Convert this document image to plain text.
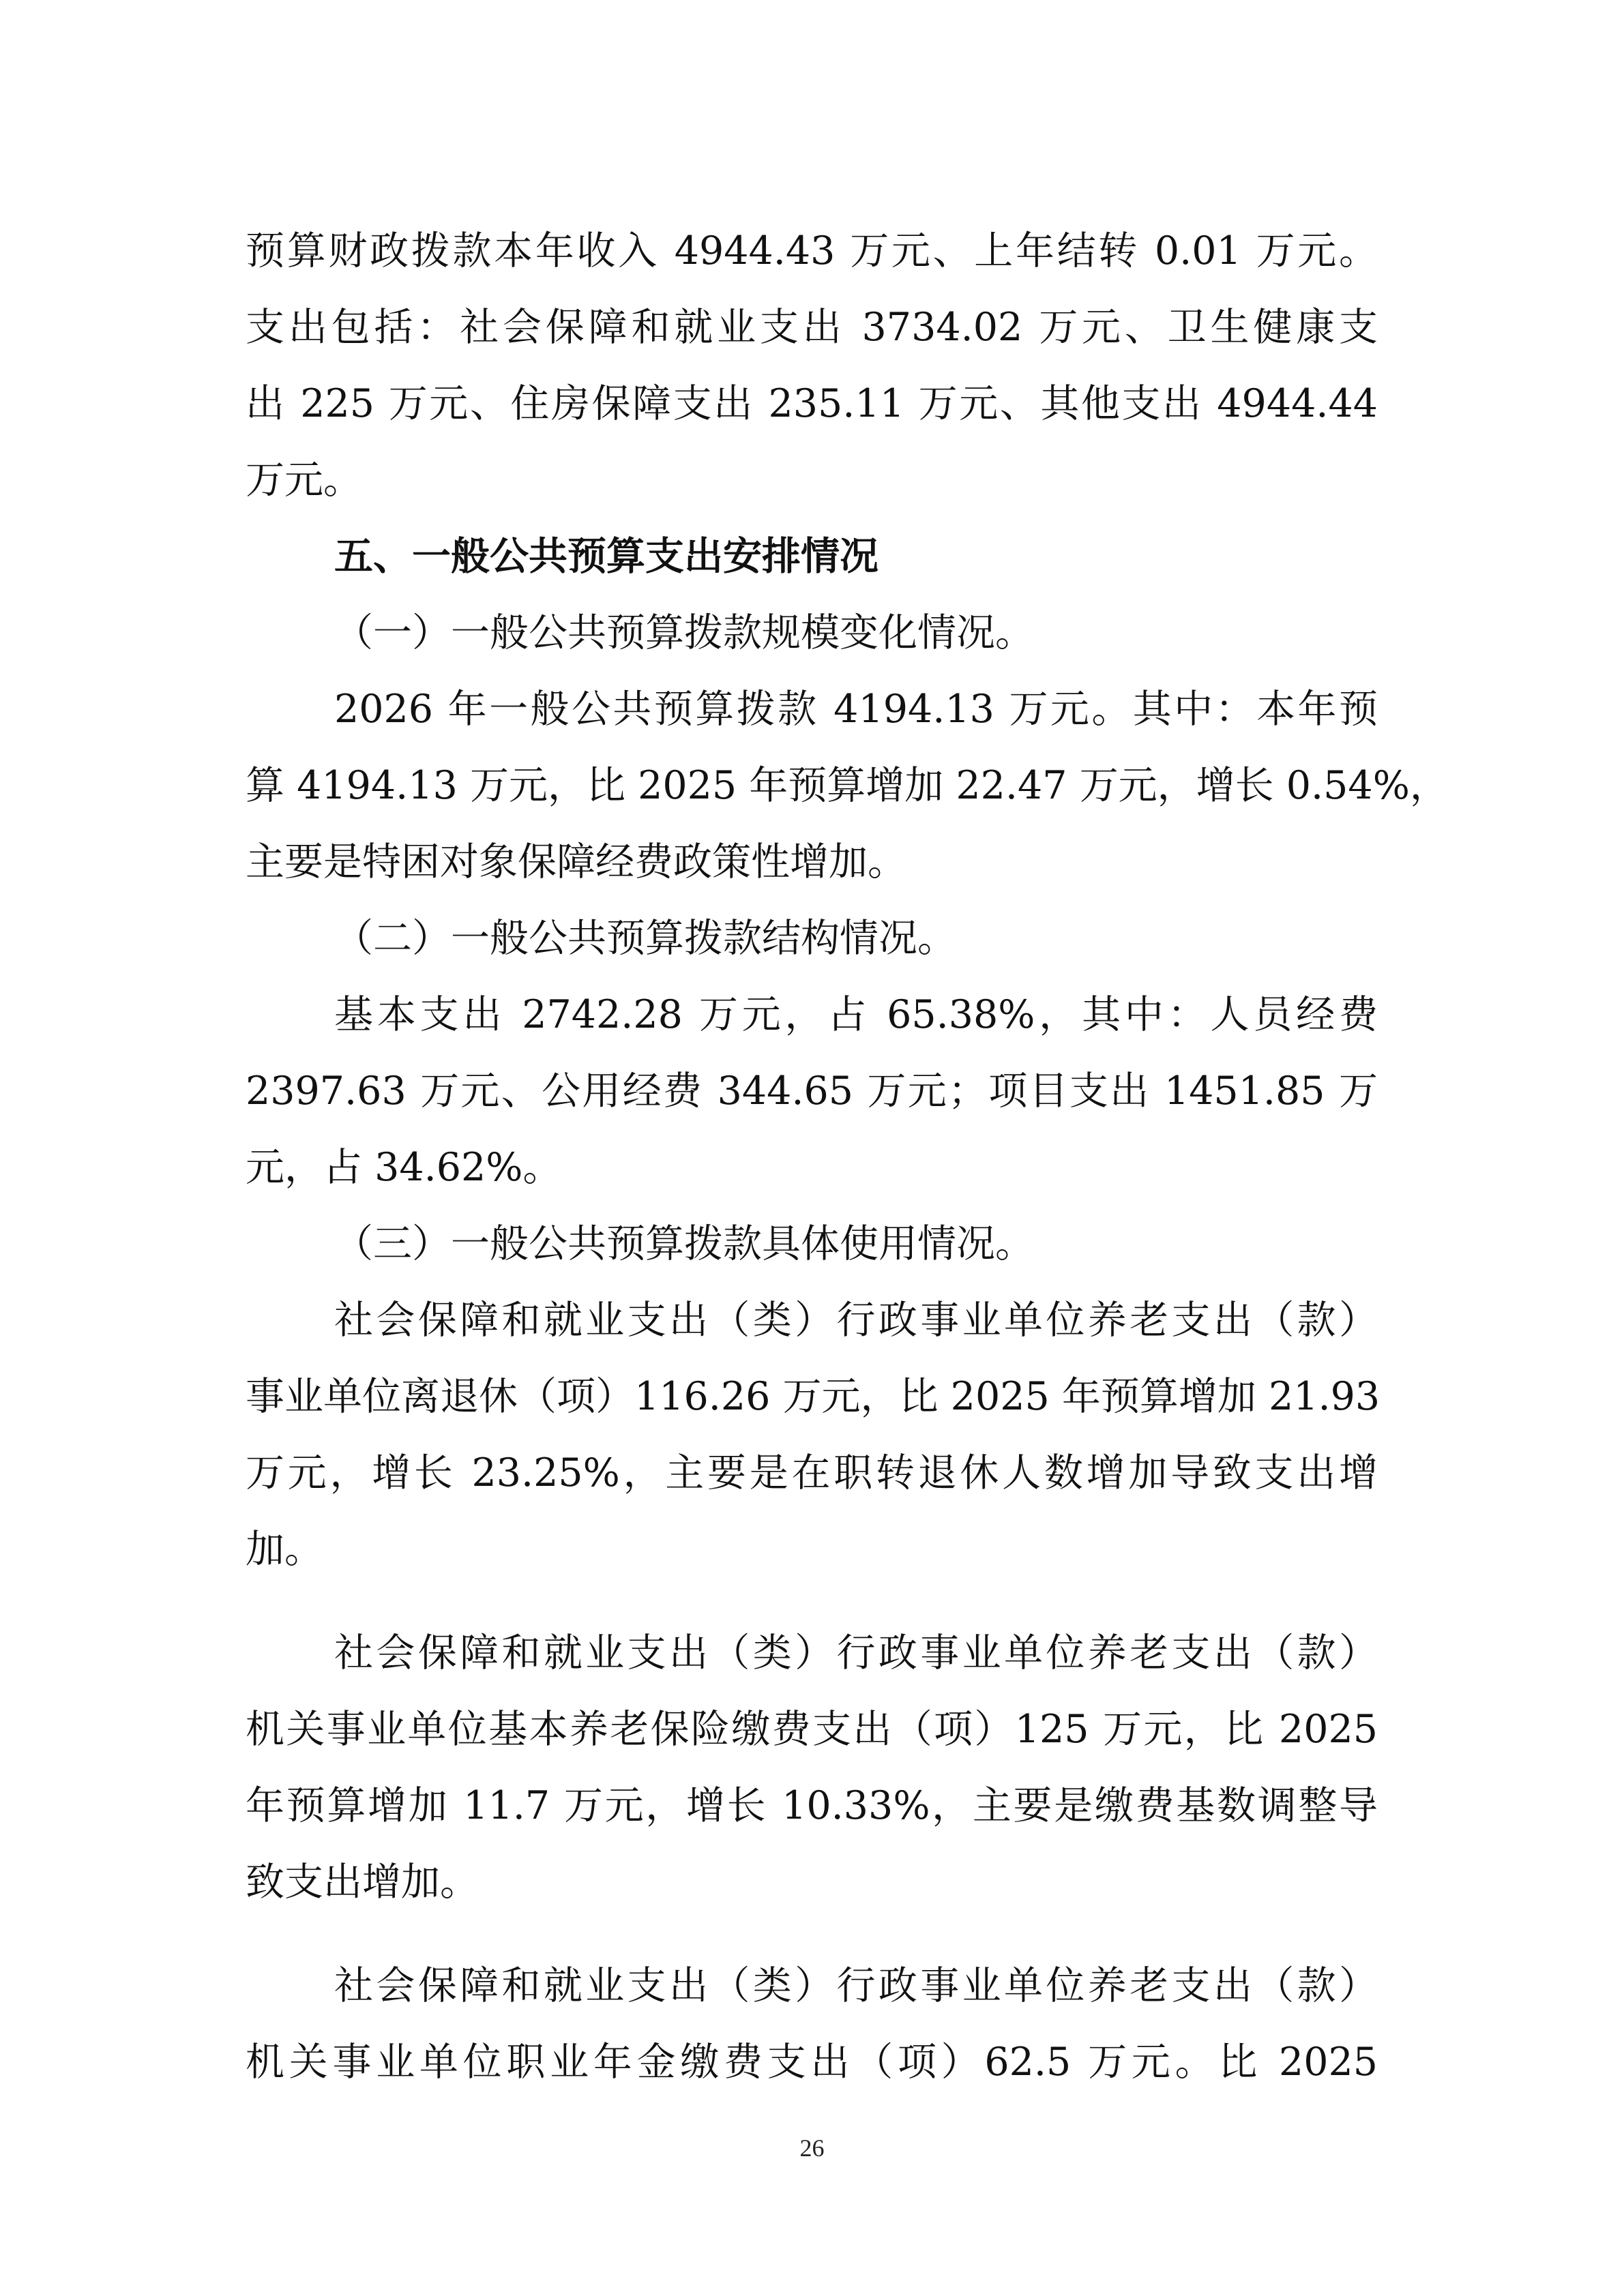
预算财政拨款本年收入 4944.43 万元、上年结转 0.01 万元。
支出包括：社会保障和就业支出 3734.02 万元、卫生健康支
出 225 万元、住房保障支出 235.11 万元、其他支出 4944.44
万元。
五、一般公共预算支出安排情况
（一）一般公共预算拨款规模变化情况。
2026 年一般公共预算拨款 4194.13 万元。其中：本年预
算 4194.13 万元，比 2025 年预算增加 22.47 万元，增长 0.54%，
主要是特困对象保障经费政策性增加。
（二）一般公共预算拨款结构情况。
基本支出 2742.28 万元，占 65.38%，其中：人员经费
2397.63 万元、公用经费 344.65 万元；项目支出 1451.85 万
元，占 34.62%。
（三）一般公共预算拨款具体使用情况。
社会保障和就业支出（类）行政事业单位养老支出（款）
事业单位离退休（项）116.26 万元，比 2025 年预算增加 21.93
万元，增长 23.25%，主要是在职转退休人数增加导致支出增
加。
社会保障和就业支出（类）行政事业单位养老支出（款）
机关事业单位基本养老保险缴费支出（项）125 万元，比 2025
年预算增加 11.7 万元，增长 10.33%，主要是缴费基数调整导
致支出增加。
社会保障和就业支出（类）行政事业单位养老支出（款）
机关事业单位职业年金缴费支出（项）62.5 万元。比 2025
26
